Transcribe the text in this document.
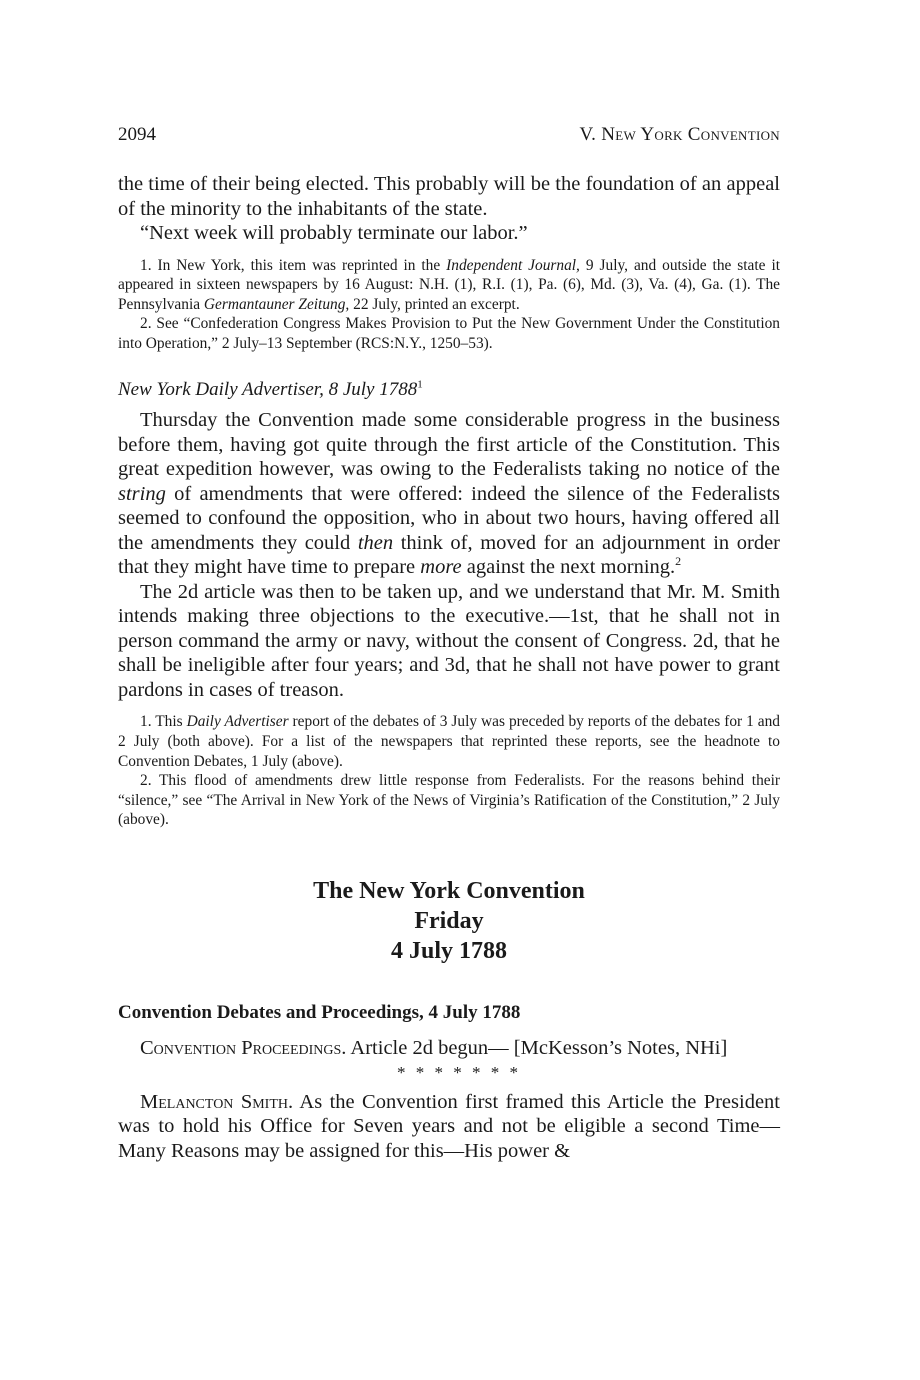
2094	V. New York Convention

the time of their being elected. This probably will be the foundation of an appeal of the minority to the inhabitants of the state.

“Next week will probably terminate our labor.”

1. In New York, this item was reprinted in the Independent Journal, 9 July, and outside the state it appeared in sixteen newspapers by 16 August: N.H. (1), R.I. (1), Pa. (6), Md. (3), Va. (4), Ga. (1). The Pennsylvania Germantauner Zeitung, 22 July, printed an excerpt.

2. See “Confederation Congress Makes Provision to Put the New Government Under the Constitution into Operation,” 2 July–13 September (RCS:N.Y., 1250–53).

New York Daily Advertiser, 8 July 1788$^1$

Thursday the Convention made some considerable progress in the business before them, having got quite through the first article of the Constitution. This great expedition however, was owing to the Federalists taking no notice of the string of amendments that were offered: indeed the silence of the Federalists seemed to confound the opposition, who in about two hours, having offered all the amendments they could then think of, moved for an adjournment in order that they might have time to prepare more against the next morning.$^2$

The 2d article was then to be taken up, and we understand that Mr. M. Smith intends making three objections to the executive.—1st, that he shall not in person command the army or navy, without the consent of Congress. 2d, that he shall be ineligible after four years; and 3d, that he shall not have power to grant pardons in cases of treason.

1. This Daily Advertiser report of the debates of 3 July was preceded by reports of the debates for 1 and 2 July (both above). For a list of the newspapers that reprinted these reports, see the headnote to Convention Debates, 1 July (above).

2. This flood of amendments drew little response from Federalists. For the reasons behind their “silence,” see “The Arrival in New York of the News of Virginia’s Ratification of the Constitution,” 2 July (above).

The New York Convention
Friday
4 July 1788
Convention Debates and Proceedings, 4 July 1788

Convention Proceedings. Article 2d begun— [McKesson’s Notes, NHi]

* * * * * * *

Melancton Smith. As the Convention first framed this Article the President was to hold his Office for Seven years and not be eligible a second Time—Many Reasons may be assigned for this—His power &
